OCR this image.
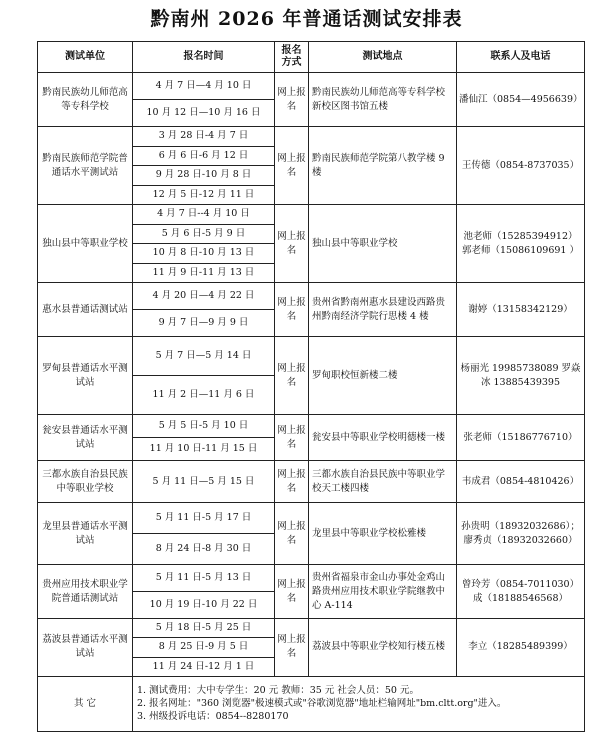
黔南州 2026 年普通话测试安排表
测试单位	报名时间	报名方式	测试地点	联系人及电话
黔南民族幼儿师范高等专科学校	4 月 7 日—4 月 10 日	网上报名	黔南民族幼儿师范高等专科学校新校区图书馆五楼	潘仙江（0854—4956639）
	10 月 12 日—10 月 16 日			
黔南民族师范学院普通话水平测试站	3 月 28 日-4 月 7 日	网上报名	黔南民族师范学院第八教学楼 9 楼	王传德（0854-8737035）
	6 月 6 日-6 月 12 日			
	9 月 28 日-10 月 8 日			
	12 月 5 日-12 月 11 日			
独山县中等职业学校	4 月 7 日--4 月 10 日	网上报名	独山县中等职业学校	池老师（15285394912）郭老师（15086109691 ）
	5 月 6 日-5 月 9 日			
	10 月 8 日-10 月 13 日			
	11 月 9 日-11 月 13 日			
惠水县普通话测试站	4 月 20 日—4 月 22 日	网上报名	贵州省黔南州惠水县建设西路贵州黔南经济学院行思楼 4 楼	谢婷（13158342129）
	9 月 7 日—9 月 9 日			
罗甸县普通话水平测试站	5 月 7 日—5 月 14 日	网上报名	罗甸职校恒新楼二楼	杨丽光 19985738089 罗焱冰 13885439395
	11 月 2 日—11 月 6 日			
瓮安县普通话水平测试站	5 月 5 日-5 月 10 日	网上报名	瓮安县中等职业学校明德楼一楼	张老师（15186776710）
	11 月 10 日-11 月 15 日			
三都水族自治县民族中等职业学校	5 月 11 日—5 月 15 日	网上报名	三都水族自治县民族中等职业学校天工楼四楼	韦成君（0854-4810426）
龙里县普通话水平测试站	5 月 11 日-5 月 17 日	网上报名	龙里县中等职业学校松雅楼	孙贵明（18932032686）；廖秀贞（18932032660）
	8 月 24 日-8 月 30 日			
贵州应用技术职业学院普通话测试站	5 月 11 日-5 月 13 日	网上报名	贵州省福泉市金山办事处金鸡山路贵州应用技术职业学院继教中心 A-114	曾玲芳（0854-7011030）成（18188546568）
	10 月 19 日-10 月 22 日			
荔波县普通话水平测试站	5 月 18 日-5 月 25 日	网上报名	荔波县中等职业学校知行楼五楼	李立（18285489399）
	8 月 25 日-9 月 5 日			
	11 月 24 日-12 月 1 日			
其 它	1. 测试费用：大中专学生：20 元 教师：35 元 社会人员：50 元。
2. 报名网址："360 浏览器"极速模式或"谷歌浏览器"地址栏输网址"bm.cltt.org"进入。
3. 州级投诉电话：0854--8280170			
